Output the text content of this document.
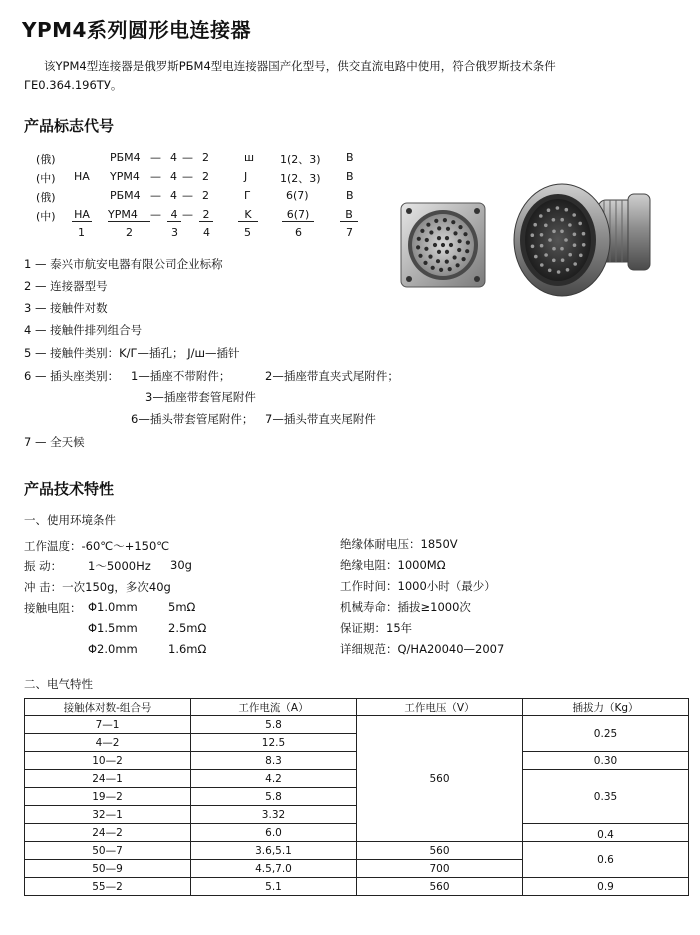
YPM4系列圆形电连接器
该YPM4型连接器是俄罗斯PБM4型电连接器国产化型号，供交直流电路中使用，符合俄罗斯技术条件
ГЕ0.364.196ТУ。
产品标志代号
(俄)	PБM4 — 4 — 2	ш 1(2、3) B
(中) HA YPM4 — 4 — 2	J	1(2、3) B
(俄)	PБM4 — 4 — 2	Г	6(7)	B
(中) HA YPM4	— 4 — 2	K	6(7)	B
1	2	3 4	5	6	7
1 — 泰兴市航安电器有限公司企业标称
2 — 连接器型号
3 — 接触件对数
4 — 接触件排列组合号
5 — 接触件类别：K/Г—插孔； J/ш—插针
6 — 插头座类别： 1—插座不带附件；	2—插座带直夹式尾附件；
3—插座带套管尾附件
6—插头带套管尾附件； 7—插头带直夹尾附件
7 — 全天候
产品技术特性
一、使用环境条件
工作温度：-60℃～+150℃
振 动： 1～5000Hz 30g
冲 击：一次150g，多次40g
接触电阻： Φ1.0mm	5mΩ
Φ1.5mm	2.5mΩ
Φ2.0mm	1.6mΩ
绝缘体耐电压：1850V
绝缘电阻：1000MΩ
工作时间：1000小时（最少）
机械寿命：插拔≥1000次
保证期：15年
详细规范：Q/HA20040—2007
二、电气特性
接触体对数-组合号	工作电流（A）	工作电压（V）	插拔力（Kg）
7—1	5.8	560	0.25
4—2	12.5		
10—2	8.3		0.30
24—1	4.2		0.35
19—2	5.8		
32—1	3.32		
24—2	6.0		0.4
50—7	3.6,5.1	560	0.6
50—9	4.5,7.0	700	
55—2	5.1	560	0.9
